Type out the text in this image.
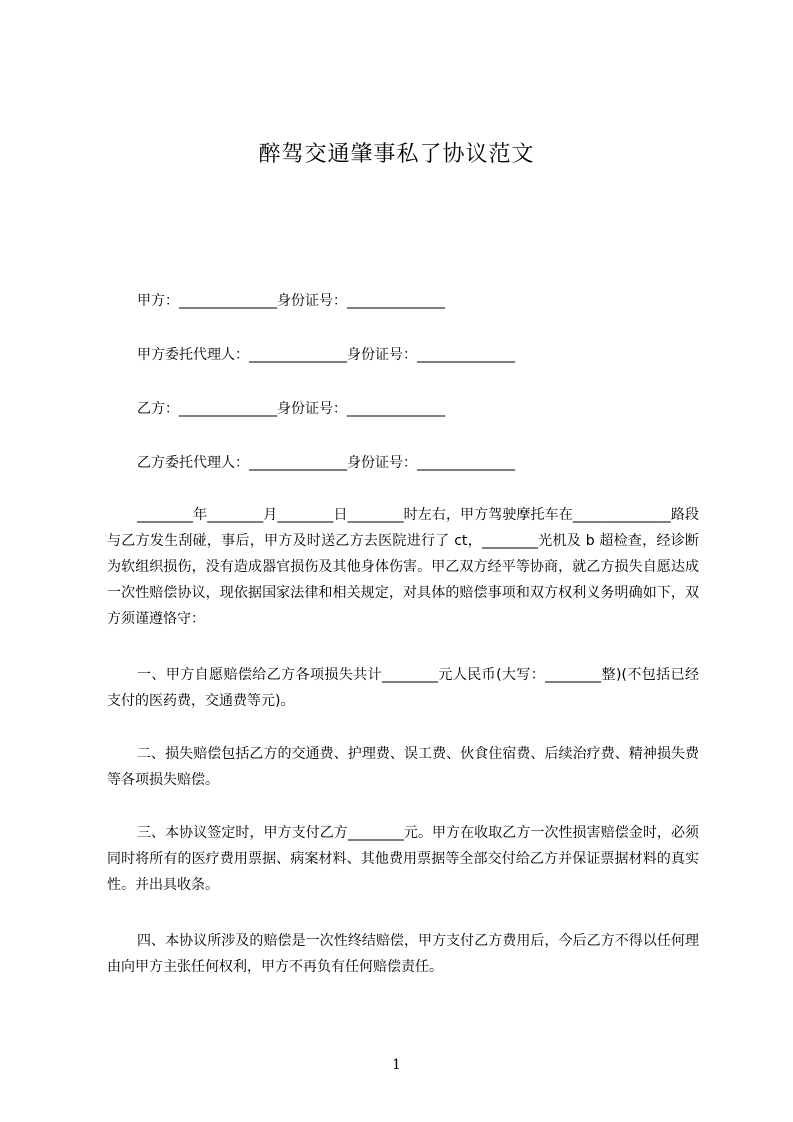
醉驾交通肇事私了协议范文
甲方：______________身份证号：______________
甲方委托代理人：______________身份证号：______________
乙方：______________身份证号：______________
乙方委托代理人：______________身份证号：______________

________年________月________日________时左右，甲方驾驶摩托车在______________路段与乙方发生刮碰，事后，甲方及时送乙方去医院进行了 ct，________光机及 b 超检查，经诊断为软组织损伤，没有造成器官损伤及其他身体伤害。甲乙双方经平等协商，就乙方损失自愿达成一次性赔偿协议，现依据国家法律和相关规定，对具体的赔偿事项和双方权利义务明确如下，双方须谨遵恪守：

一、甲方自愿赔偿给乙方各项损失共计________元人民币(大写：________整)(不包括已经支付的医药费，交通费等元)。

二、损失赔偿包括乙方的交通费、护理费、误工费、伙食住宿费、后续治疗费、精神损失费等各项损失赔偿。

三、本协议签定时，甲方支付乙方________元。甲方在收取乙方一次性损害赔偿金时，必须同时将所有的医疗费用票据、病案材料、其他费用票据等全部交付给乙方并保证票据材料的真实性。并出具收条。

四、本协议所涉及的赔偿是一次性终结赔偿，甲方支付乙方费用后，今后乙方不得以任何理由向甲方主张任何权利，甲方不再负有任何赔偿责任。

1
